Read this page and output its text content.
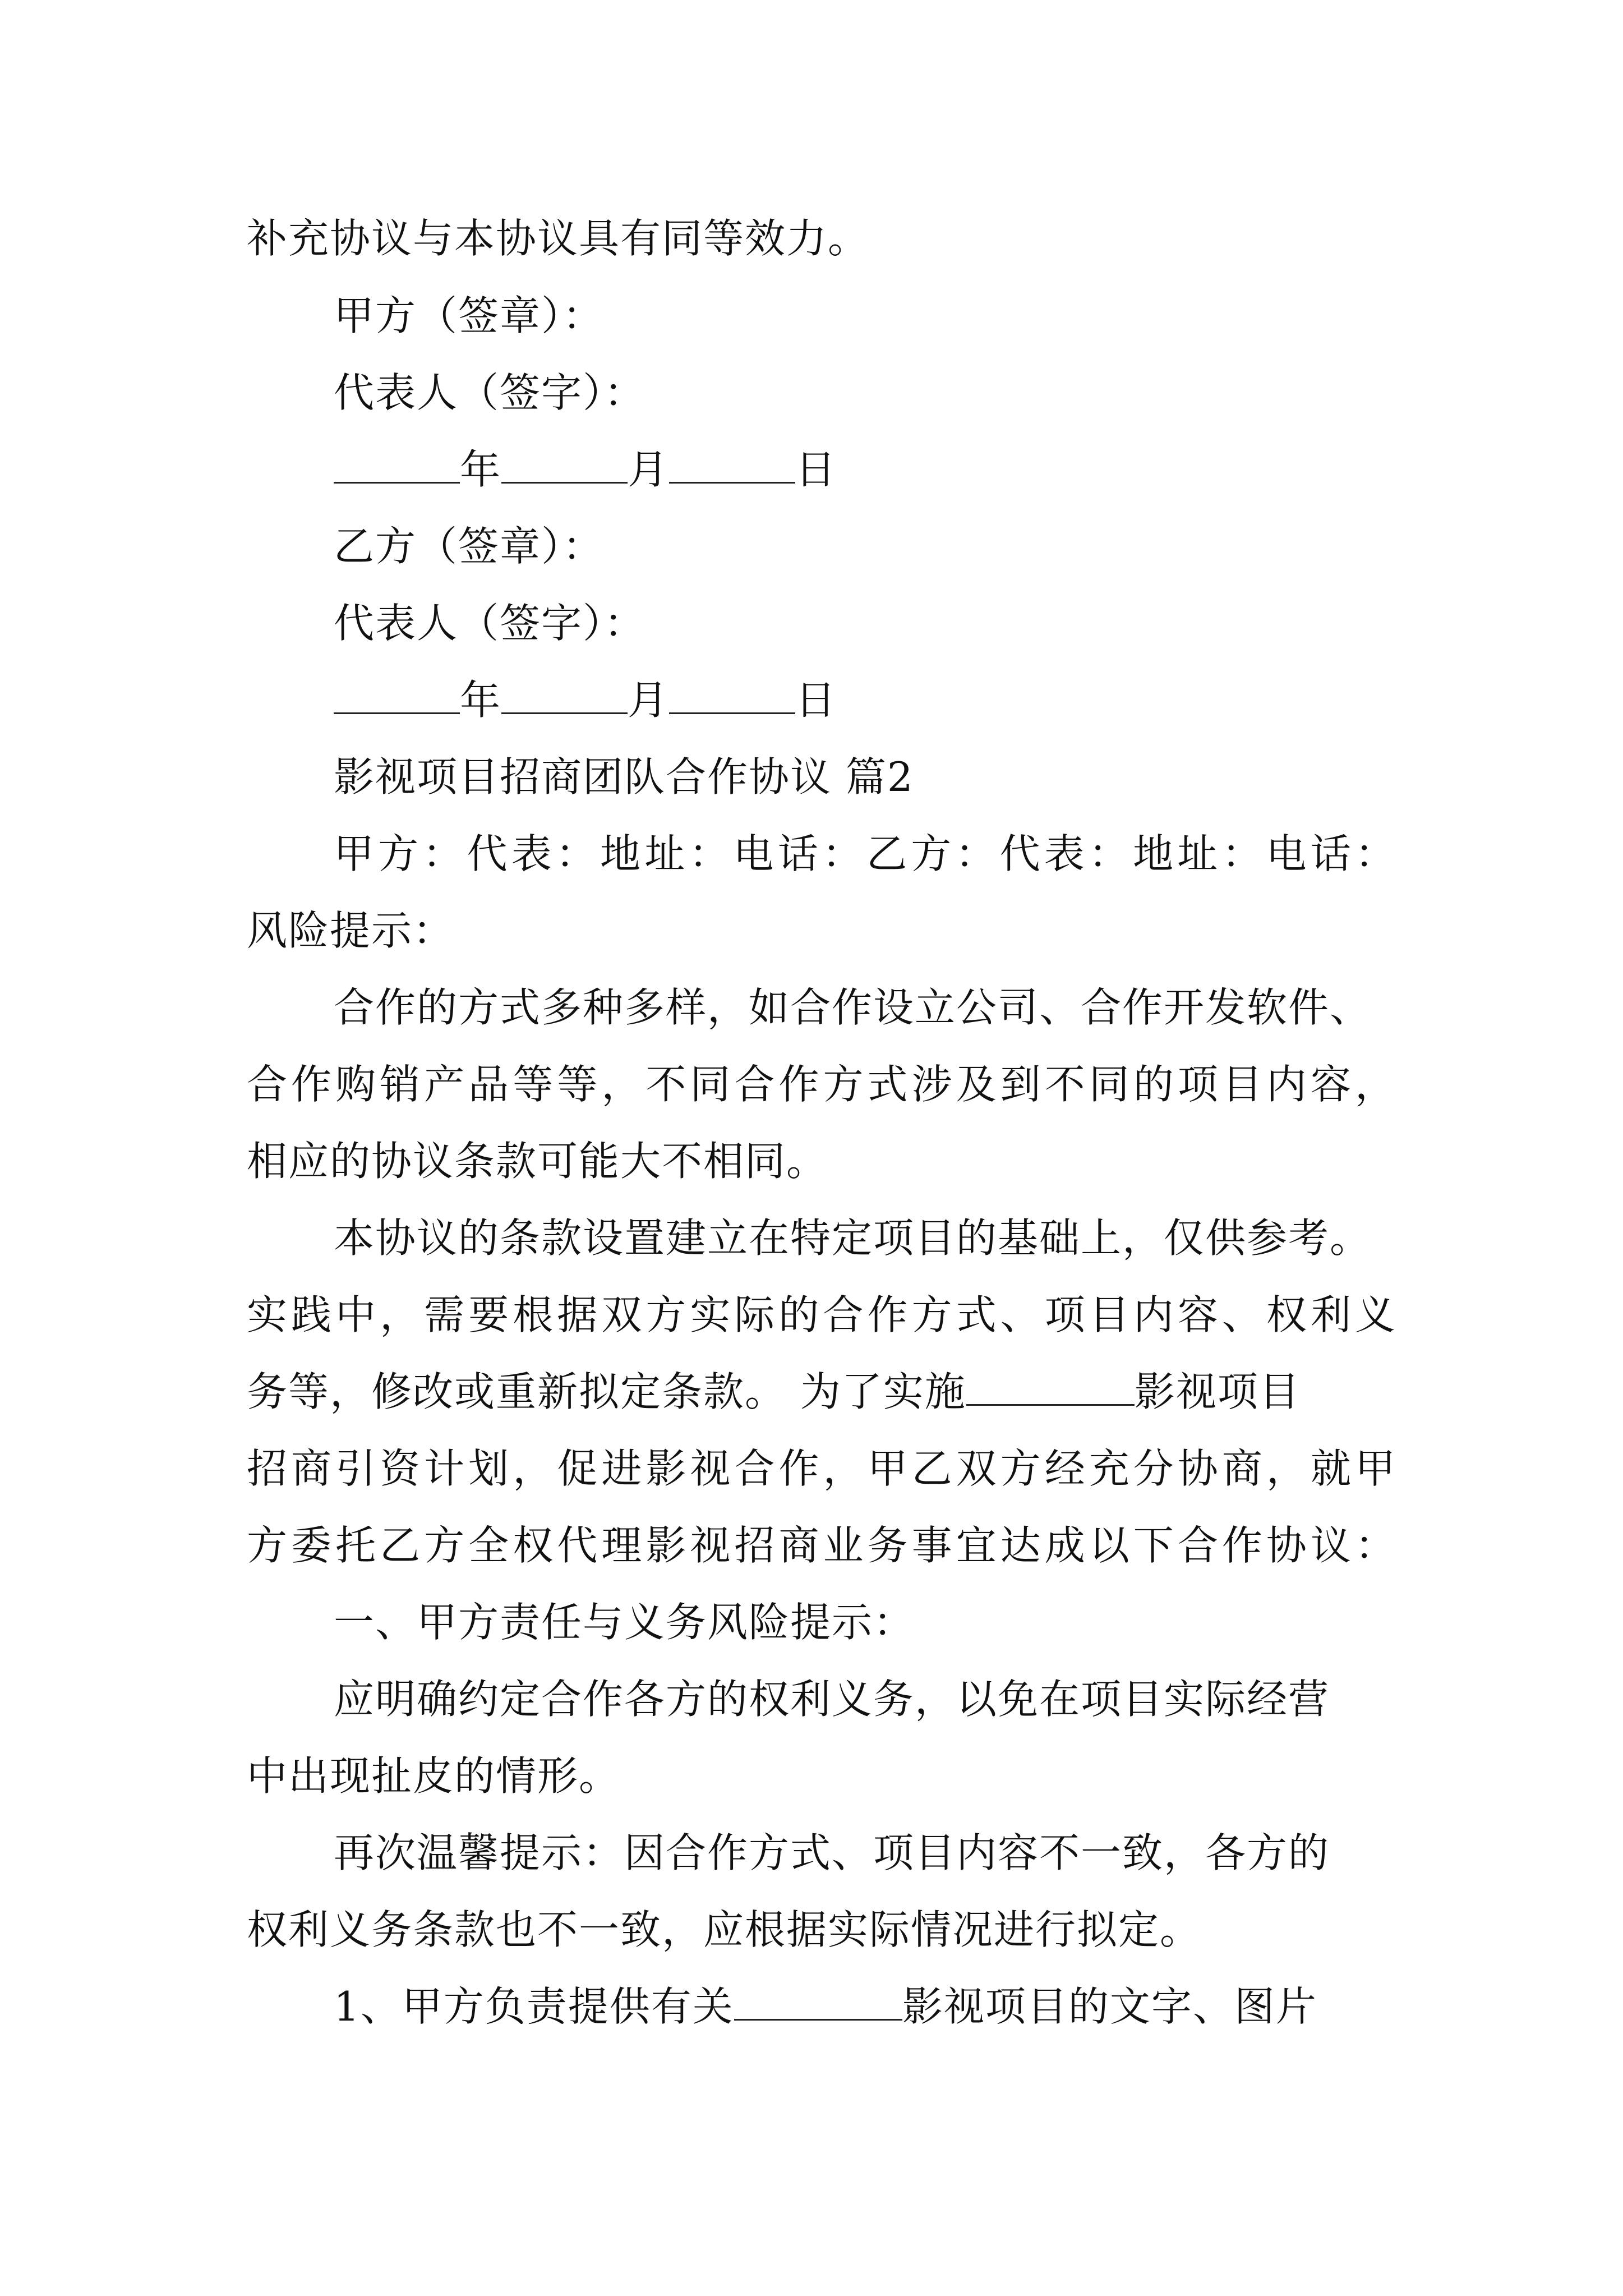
补充协议与本协议具有同等效力。
甲方（签章）：
代表人（签字）：
年	月	日
乙方（签章）：
代表人（签字）：
年	月	日
影视项目招商团队合作协议 篇2
甲方：代表：地址：电话：乙方：代表：地址：电话：
风险提示：
合作的方式多种多样，如合作设立公司、合作开发软件、
合作购销产品等等，不同合作方式涉及到不同的项目内容，
相应的协议条款可能大不相同。
本协议的条款设置建立在特定项目的基础上，仅供参考。
实践中，需要根据双方实际的合作方式、项目内容、权利义
务等，修改或重新拟定条款。 为了实施	影视项目
招商引资计划，促进影视合作，甲乙双方经充分协商，就甲
方委托乙方全权代理影视招商业务事宜达成以下合作协议：
一、甲方责任与义务风险提示：
应明确约定合作各方的权利义务，以免在项目实际经营
中出现扯皮的情形。
再次温馨提示：因合作方式、项目内容不一致，各方的
权利义务条款也不一致，应根据实际情况进行拟定。
1、甲方负责提供有关	影视项目的文字、图片
